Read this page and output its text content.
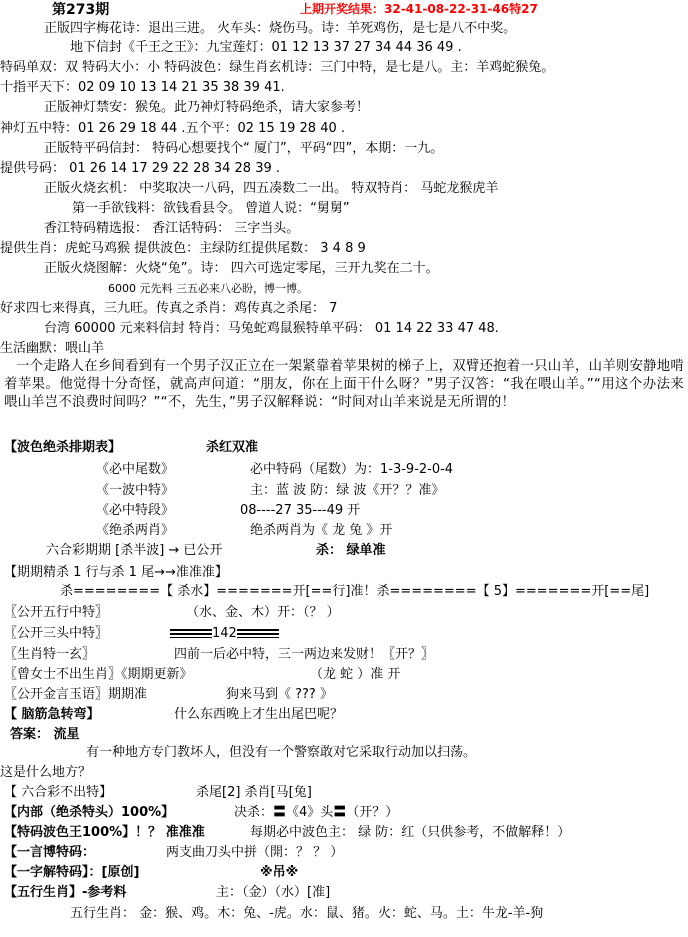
第273期	上期开奖结果：32-41-08-22-31-46特27
正版四字梅花诗：退出三进。 火车头：烧伤马。诗：羊死鸡伤，是七是八不中奖。
地下信封《千王之王》：九宝莲灯：01 12 13 37 27 34 44 36 49 .
特码单双：双 特码大小：小 特码波色：绿生肖玄机诗：三门中特，是七是八。主：羊鸡蛇猴兔。
十指平天下：02 09 10 13 14 21 35 38 39 41.
正版神灯禁安：猴兔。此乃神灯特码绝杀，请大家参考！
神灯五中特：01 26 29 18 44 .五个平：02 15 19 28 40 .
正版特平码信封： 特码心想要找个“ 厦门”，平码“四”，本期：一九。
提供号码： 01 26 14 17 29 22 28 34 28 39 .
正版火烧玄机： 中奖取决一八码，四五凑数二一出。 特双特肖： 马蛇龙猴虎羊
第一手欲钱料：欲钱看县令。 曾道人说：“舅舅”
香江特码精选报： 香江话特码： 三字当头。
提供生肖：虎蛇马鸡猴 提供波色：主绿防红提供尾数： 3 4 8 9
正版火烧图解：火烧“兔”。诗： 四六可选定零尾，三开九奖在二十。
6000 元先料 三五必来八必盼，博一博。
好求四七来得真，三九旺。传真之杀肖：鸡传真之杀尾： 7
台湾 60000 元来料信封 特肖：马兔蛇鸡鼠猴特单平码： 01 14 22 33 47 48.
生活幽默：喂山羊
一个走路人在乡间看到有一个男子汉正立在一架紧靠着苹果树的梯子上，双臂还抱着一只山羊，山羊则安静地啃着苹果。他觉得十分奇怪，就高声问道：“朋友，你在上面干什么呀？”男子汉答：“我在喂山羊。”“用这个办法来喂山羊岂不浪费时间吗？”“不，先生，”男子汉解释说：“时间对山羊来说是无所谓的！
【波色绝杀排期表】	杀红双准
《必中尾数》	必中特码（尾数）为：1-3-9-2-0-4
《一波中特》	主：蓝 波 防：绿 波《开？？准》
《必中特段》	08----27 35---49 开
《绝杀两肖》	绝杀两肖为《 龙 兔 》开
六合彩期期 [杀半波] → 已公开	杀： 绿单准
【期期精杀 1 行与杀 1 尾→→准准准】
杀========【 杀水】=======开[==行]准！杀========【 5】=======开[==尾]
〖公开五行中特〗	（水、金、木）开：（？ ）
〖公开三头中特〗	142
〖生肖特一玄〗	四前一后必中特，三一两边来发财！〖开？〗
〖曾女士不出生肖〗《期期更新》	（龙 蛇 ）准 开
〖公开金言玉语〗期期准	狗来马到《 ??? 》
【 脑筋急转弯】	什么东西晚上才生出尾巴呢？
答案： 流星
有一种地方专门教坏人，但没有一个警察敢对它采取行动加以扫荡。
这是什么地方？
【 六合彩不出特】	杀尾[2] 杀肖[马[兔]
【内部（绝杀特头）100%】	决杀：〓《4》头〓（开？）
【特码波色王100%】！？ 准准准	每期必中波色主： 绿 防：红（只供参考，不做解释！）
【一言博特码：	两支曲刀头中拼（開：？ ？ ）
【一字解特码】：[原创]	※吊※
【五行生肖】-参考料	主：（金）（水）[准]
五行生肖： 金：猴、鸡。木：兔、-虎。水：鼠、猪。火：蛇、马。土：牛龙-羊-狗
